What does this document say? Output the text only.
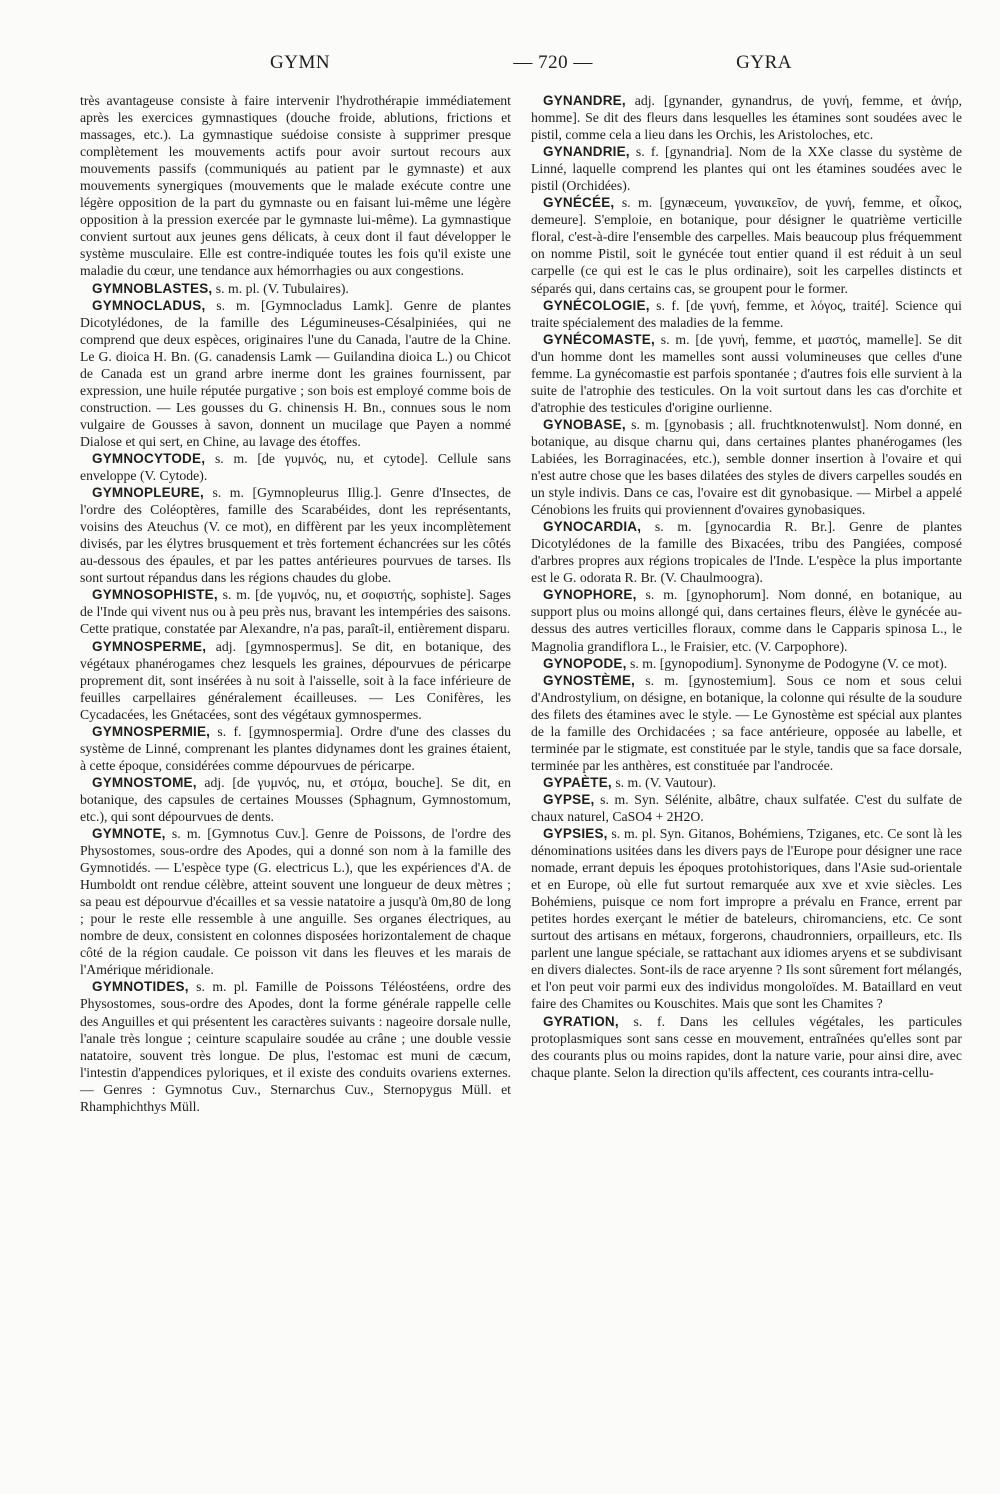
GYMN	— 720 —	GYRA

très avantageuse consiste à faire intervenir l'hydrothérapie immédiatement après les exercices gymnastiques (douche froide, ablutions, frictions et massages, etc.). La gymnastique suédoise consiste à supprimer presque complètement les mouvements actifs pour avoir surtout recours aux mouvements passifs (communiqués au patient par le gymnaste) et aux mouvements synergiques (mouvements que le malade exécute contre une légère opposition de la part du gymnaste ou en faisant lui-même une légère opposition à la pression exercée par le gymnaste lui-même). La gymnastique convient surtout aux jeunes gens délicats, à ceux dont il faut développer le système musculaire. Elle est contre-indiquée toutes les fois qu'il existe une maladie du cœur, une tendance aux hémorrhagies ou aux congestions.

GYMNOBLASTES, s. m. pl. (V. Tubulaires).

GYMNOCLADUS, s. m. [Gymnocladus Lamk]. Genre de plantes Dicotylédones, de la famille des Légumineuses-Césalpiniées, qui ne comprend que deux espèces, originaires l'une du Canada, l'autre de la Chine. Le G. dioica H. Bn. (G. canadensis Lamk — Guilandina dioica L.) ou Chicot de Canada est un grand arbre inerme dont les graines fournissent, par expression, une huile réputée purgative ; son bois est employé comme bois de construction. — Les gousses du G. chinensis H. Bn., connues sous le nom vulgaire de Gousses à savon, donnent un mucilage que Payen a nommé Dialose et qui sert, en Chine, au lavage des étoffes.

GYMNOCYTODE, s. m. [de γυμνός, nu, et cytode]. Cellule sans enveloppe (V. Cytode).

GYMNOPLEURE, s. m. [Gymnopleurus Illig.]. Genre d'Insectes, de l'ordre des Coléoptères, famille des Scarabéides, dont les représentants, voisins des Ateuchus (V. ce mot), en diffèrent par les yeux incomplètement divisés, par les élytres brusquement et très fortement échancrées sur les côtés au-dessous des épaules, et par les pattes antérieures pourvues de tarses. Ils sont surtout répandus dans les régions chaudes du globe.

GYMNOSOPHISTE, s. m. [de γυμνός, nu, et σοφιστής, sophiste]. Sages de l'Inde qui vivent nus ou à peu près nus, bravant les intempéries des saisons. Cette pratique, constatée par Alexandre, n'a pas, paraît-il, entièrement disparu.

GYMNOSPERME, adj. [gymnospermus]. Se dit, en botanique, des végétaux phanérogames chez lesquels les graines, dépourvues de péricarpe proprement dit, sont insérées à nu soit à l'aisselle, soit à la face inférieure de feuilles carpellaires généralement écailleuses. — Les Conifères, les Cycadacées, les Gnétacées, sont des végétaux gymnospermes.

GYMNOSPERMIE, s. f. [gymnospermia]. Ordre d'une des classes du système de Linné, comprenant les plantes didynames dont les graines étaient, à cette époque, considérées comme dépourvues de péricarpe.

GYMNOSTOME, adj. [de γυμνός, nu, et στόμα, bouche]. Se dit, en botanique, des capsules de certaines Mousses (Sphagnum, Gymnostomum, etc.), qui sont dépourvues de dents.

GYMNOTE, s. m. [Gymnotus Cuv.]. Genre de Poissons, de l'ordre des Physostomes, sous-ordre des Apodes, qui a donné son nom à la famille des Gymnotidés. — L'espèce type (G. electricus L.), que les expériences d'A. de Humboldt ont rendue célèbre, atteint souvent une longueur de deux mètres ; sa peau est dépourvue d'écailles et sa vessie natatoire a jusqu'à 0m,80 de long ; pour le reste elle ressemble à une anguille. Ses organes électriques, au nombre de deux, consistent en colonnes disposées horizontalement de chaque côté de la région caudale. Ce poisson vit dans les fleuves et les marais de l'Amérique méridionale.

GYMNOTIDES, s. m. pl. Famille de Poissons Téléostéens, ordre des Physostomes, sous-ordre des Apodes, dont la forme générale rappelle celle des Anguilles et qui présentent les caractères suivants : nageoire dorsale nulle, l'anale très longue ; ceinture scapulaire soudée au crâne ; une double vessie natatoire, souvent très longue. De plus, l'estomac est muni de cæcum, l'intestin d'appendices pyloriques, et il existe des conduits ovariens externes. — Genres : Gymnotus Cuv., Sternarchus Cuv., Sternopygus Müll. et Rhamphichthys Müll.

GYNANDRE, adj. [gynander, gynandrus, de γυνή, femme, et ἀνήρ, homme]. Se dit des fleurs dans lesquelles les étamines sont soudées avec le pistil, comme cela a lieu dans les Orchis, les Aristoloches, etc.

GYNANDRIE, s. f. [gynandria]. Nom de la XXe classe du système de Linné, laquelle comprend les plantes qui ont les étamines soudées avec le pistil (Orchidées).

GYNÉCÉE, s. m. [gynæceum, γυναικεῖον, de γυνή, femme, et οἶκος, demeure]. S'emploie, en botanique, pour désigner le quatrième verticille floral, c'est-à-dire l'ensemble des carpelles. Mais beaucoup plus fréquemment on nomme Pistil, soit le gynécée tout entier quand il est réduit à un seul carpelle (ce qui est le cas le plus ordinaire), soit les carpelles distincts et séparés qui, dans certains cas, se groupent pour le former.

GYNÉCOLOGIE, s. f. [de γυνή, femme, et λόγος, traité]. Science qui traite spécialement des maladies de la femme.

GYNÉCOMASTE, s. m. [de γυνή, femme, et μαστός, mamelle]. Se dit d'un homme dont les mamelles sont aussi volumineuses que celles d'une femme. La gynécomastie est parfois spontanée ; d'autres fois elle survient à la suite de l'atrophie des testicules. On la voit surtout dans les cas d'orchite et d'atrophie des testicules d'origine ourlienne.

GYNOBASE, s. m. [gynobasis ; all. fruchtknotenwulst]. Nom donné, en botanique, au disque charnu qui, dans certaines plantes phanérogames (les Labiées, les Borraginacées, etc.), semble donner insertion à l'ovaire et qui n'est autre chose que les bases dilatées des styles de divers carpelles soudés en un style indivis. Dans ce cas, l'ovaire est dit gynobasique. — Mirbel a appelé Cénobions les fruits qui proviennent d'ovaires gynobasiques.

GYNOCARDIA, s. m. [gynocardia R. Br.]. Genre de plantes Dicotylédones de la famille des Bixacées, tribu des Pangiées, composé d'arbres propres aux régions tropicales de l'Inde. L'espèce la plus importante est le G. odorata R. Br. (V. Chaulmoogra).

GYNOPHORE, s. m. [gynophorum]. Nom donné, en botanique, au support plus ou moins allongé qui, dans certaines fleurs, élève le gynécée au-dessus des autres verticilles floraux, comme dans le Capparis spinosa L., le Magnolia grandiflora L., le Fraisier, etc. (V. Carpophore).

GYNOPODE, s. m. [gynopodium]. Synonyme de Podogyne (V. ce mot).

GYNOSTÈME, s. m. [gynostemium]. Sous ce nom et sous celui d'Androstylium, on désigne, en botanique, la colonne qui résulte de la soudure des filets des étamines avec le style. — Le Gynostème est spécial aux plantes de la famille des Orchidacées ; sa face antérieure, opposée au labelle, et terminée par le stigmate, est constituée par le style, tandis que sa face dorsale, terminée par les anthères, est constituée par l'androcée.

GYPAÈTE, s. m. (V. Vautour).

GYPSE, s. m. Syn. Sélénite, albâtre, chaux sulfatée. C'est du sulfate de chaux naturel, CaSO4 + 2H2O.

GYPSIES, s. m. pl. Syn. Gitanos, Bohémiens, Tziganes, etc. Ce sont là les dénominations usitées dans les divers pays de l'Europe pour désigner une race nomade, errant depuis les époques protohistoriques, dans l'Asie sud-orientale et en Europe, où elle fut surtout remarquée aux xve et xvie siècles. Les Bohémiens, puisque ce nom fort impropre a prévalu en France, errent par petites hordes exerçant le métier de bateleurs, chiromanciens, etc. Ce sont surtout des artisans en métaux, forgerons, chaudronniers, orpailleurs, etc. Ils parlent une langue spéciale, se rattachant aux idiomes aryens et se subdivisant en divers dialectes. Sont-ils de race aryenne ? Ils sont sûrement fort mélangés, et l'on peut voir parmi eux des individus mongoloïdes. M. Bataillard en veut faire des Chamites ou Kouschites. Mais que sont les Chamites ?

GYRATION, s. f. Dans les cellules végétales, les particules protoplasmiques sont sans cesse en mouvement, entraînées qu'elles sont par des courants plus ou moins rapides, dont la nature varie, pour ainsi dire, avec chaque plante. Selon la direction qu'ils affectent, ces courants intra-cellu-
